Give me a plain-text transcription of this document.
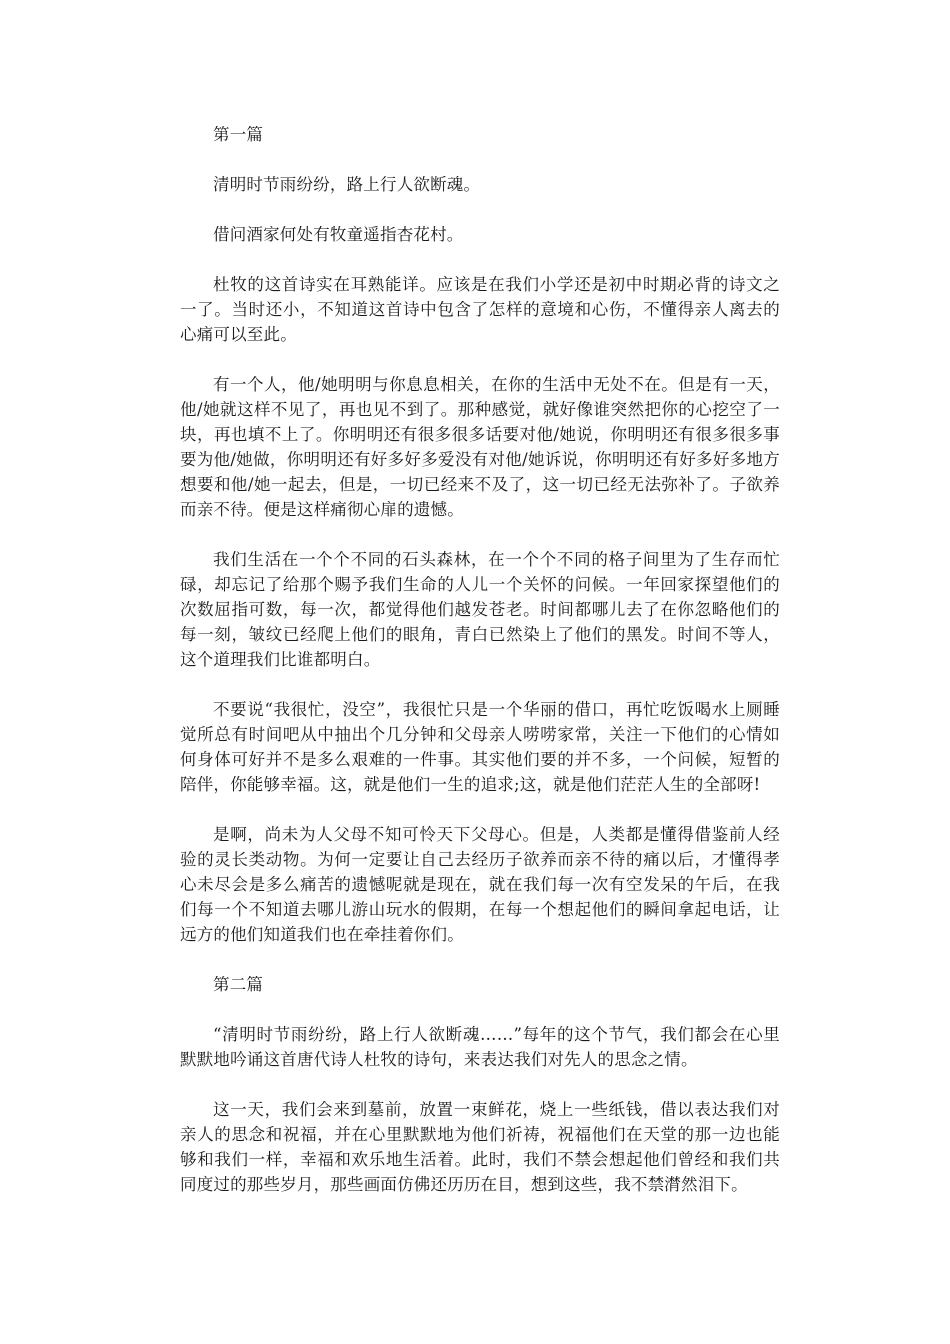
第一篇

清明时节雨纷纷，路上行人欲断魂。

借问酒家何处有牧童遥指杏花村。

杜牧的这首诗实在耳熟能详。应该是在我们小学还是初中时期必背的诗文之一了。当时还小，不知道这首诗中包含了怎样的意境和心伤，不懂得亲人离去的心痛可以至此。

有一个人，他/她明明与你息息相关，在你的生活中无处不在。但是有一天，他/她就这样不见了，再也见不到了。那种感觉，就好像谁突然把你的心挖空了一块，再也填不上了。你明明还有很多很多话要对他/她说，你明明还有很多很多事要为他/她做，你明明还有好多好多爱没有对他/她诉说，你明明还有好多好多地方想要和他/她一起去，但是，一切已经来不及了，这一切已经无法弥补了。子欲养而亲不待。便是这样痛彻心扉的遗憾。

我们生活在一个个不同的石头森林，在一个个不同的格子间里为了生存而忙碌，却忘记了给那个赐予我们生命的人儿一个关怀的问候。一年回家探望他们的次数屈指可数，每一次，都觉得他们越发苍老。时间都哪儿去了在你忽略他们的每一刻，皱纹已经爬上他们的眼角，青白已然染上了他们的黑发。时间不等人，这个道理我们比谁都明白。

不要说“我很忙，没空”，我很忙只是一个华丽的借口，再忙吃饭喝水上厕睡觉所总有时间吧从中抽出个几分钟和父母亲人唠唠家常，关注一下他们的心情如何身体可好并不是多么艰难的一件事。其实他们要的并不多，一个问候，短暂的陪伴，你能够幸福。这，就是他们一生的追求;这，就是他们茫茫人生的全部呀!

是啊，尚未为人父母不知可怜天下父母心。但是，人类都是懂得借鉴前人经验的灵长类动物。为何一定要让自己去经历子欲养而亲不待的痛以后，才懂得孝心未尽会是多么痛苦的遗憾呢就是现在，就在我们每一次有空发呆的午后，在我们每一个不知道去哪儿游山玩水的假期，在每一个想起他们的瞬间拿起电话，让远方的他们知道我们也在牵挂着你们。

第二篇

“清明时节雨纷纷，路上行人欲断魂……”每年的这个节气，我们都会在心里默默地吟诵这首唐代诗人杜牧的诗句，来表达我们对先人的思念之情。

这一天，我们会来到墓前，放置一束鲜花，烧上一些纸钱，借以表达我们对亲人的思念和祝福，并在心里默默地为他们祈祷，祝福他们在天堂的那一边也能够和我们一样，幸福和欢乐地生活着。此时，我们不禁会想起他们曾经和我们共同度过的那些岁月，那些画面仿佛还历历在目，想到这些，我不禁潸然泪下。
